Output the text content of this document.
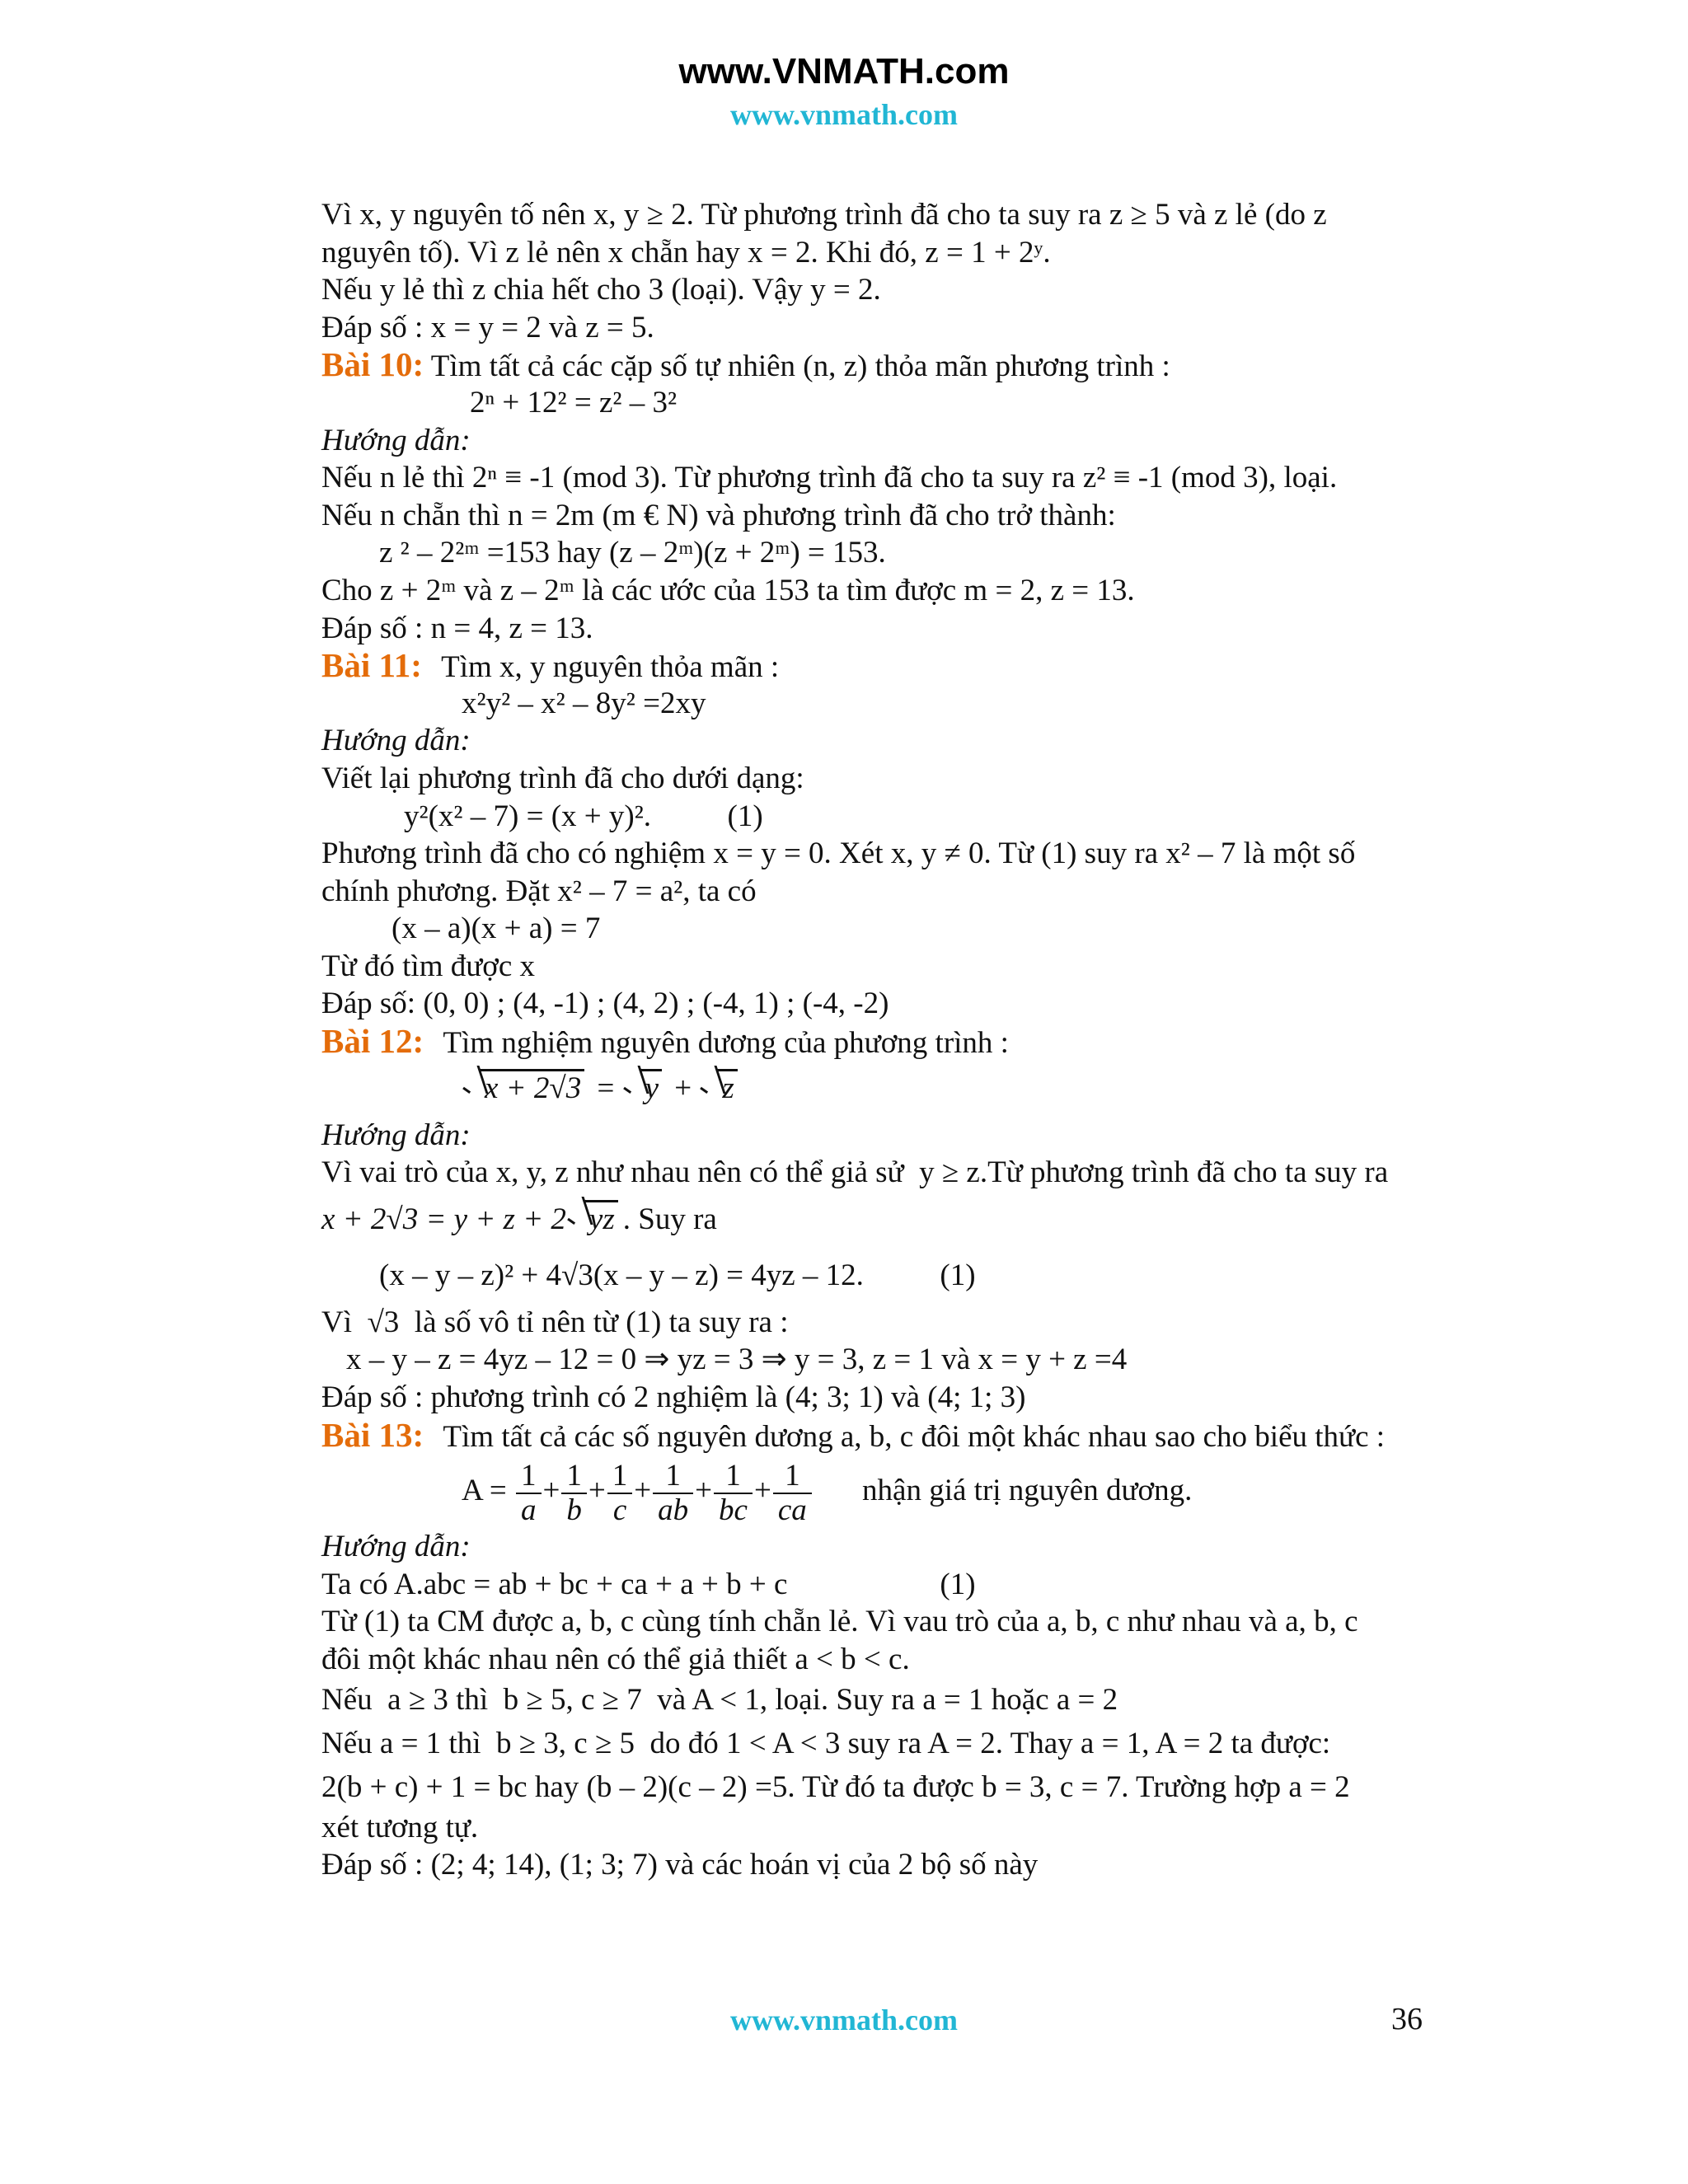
www.VNMATH.com
www.vnmath.com
Vì x, y nguyên tố nên x, y ≥ 2. Từ phương trình đã cho ta suy ra z ≥ 5 và z lẻ (do z
nguyên tố). Vì z lẻ nên x chẵn hay x = 2. Khi đó, z = 1 + 2ʸ.
Nếu y lẻ thì z chia hết cho 3 (loại). Vậy y = 2.
Đáp số : x = y = 2 và z = 5.
Bài 10: Tìm tất cả các cặp số tự nhiên (n, z) thỏa mãn phương trình :
2ⁿ + 12² = z² – 3²
Hướng dẫn:
Nếu n lẻ thì 2ⁿ ≡ -1 (mod 3). Từ phương trình đã cho ta suy ra z² ≡ -1 (mod 3), loại.
Nếu n chẵn thì n = 2m (m € N) và phương trình đã cho trở thành:
z ² – 2²ᵐ =153 hay (z – 2ᵐ)(z + 2ᵐ) = 153.
Cho z + 2ᵐ và z – 2ᵐ là các ước của 153 ta tìm được m = 2, z = 13.
Đáp số : n = 4, z = 13.
Bài 11: Tìm x, y nguyên thỏa mãn :
x²y² – x² – 8y² =2xy
Hướng dẫn:
Viết lại phương trình đã cho dưới dạng:
y²(x² – 7) = (x + y)².          (1)
Phương trình đã cho có nghiệm x = y = 0. Xét x, y ≠ 0. Từ (1) suy ra x² – 7 là một số
chính phương. Đặt x² – 7 = a², ta có
(x – a)(x + a) = 7
Từ đó tìm được x
Đáp số: (0, 0) ; (4, -1) ; (4, 2) ; (-4, 1) ; (-4, -2)
Bài 12: Tìm nghiệm nguyên dương của phương trình :
x + 2√3 = y + z
Hướng dẫn:
Vì vai trò của x, y, z như nhau nên có thể giả sử  y ≥ z.Từ phương trình đã cho ta suy ra
x + 2√3 = y + z + 2 yz . Suy ra
(x – y – z)² + 4√3(x – y – z) = 4yz – 12.          (1)
Vì  √3  là số vô tỉ nên từ (1) ta suy ra :
x – y – z = 4yz – 12 = 0 ⇒ yz = 3 ⇒ y = 3, z = 1 và x = y + z =4
Đáp số : phương trình có 2 nghiệm là (4; 3; 1) và (4; 1; 3)
Bài 13: Tìm tất cả các số nguyên dương a, b, c đôi một khác nhau sao cho biểu thức :
$A = \frac{1}{a} + \frac{1}{b} + \frac{1}{c} + \frac{1}{ab} + \frac{1}{bc} + \frac{1}{ca}$ nhận giá trị nguyên dương.
Hướng dẫn:
Ta có A.abc = ab + bc + ca + a + b + c                    (1)
Từ (1) ta CM được a, b, c cùng tính chẵn lẻ. Vì vau trò của a, b, c như nhau và a, b, c
đôi một khác nhau nên có thể giả thiết a < b < c.
Nếu  a ≥ 3 thì  b ≥ 5, c ≥ 7  và A < 1, loại. Suy ra a = 1 hoặc a = 2
Nếu a = 1 thì  b ≥ 3, c ≥ 5  do đó 1 < A < 3 suy ra A = 2. Thay a = 1, A = 2 ta được:
2(b + c) + 1 = bc hay (b – 2)(c – 2) =5. Từ đó ta được b = 3, c = 7. Trường hợp a = 2
xét tương tự.
Đáp số : (2; 4; 14), (1; 3; 7) và các hoán vị của 2 bộ số này
www.vnmath.com	36
